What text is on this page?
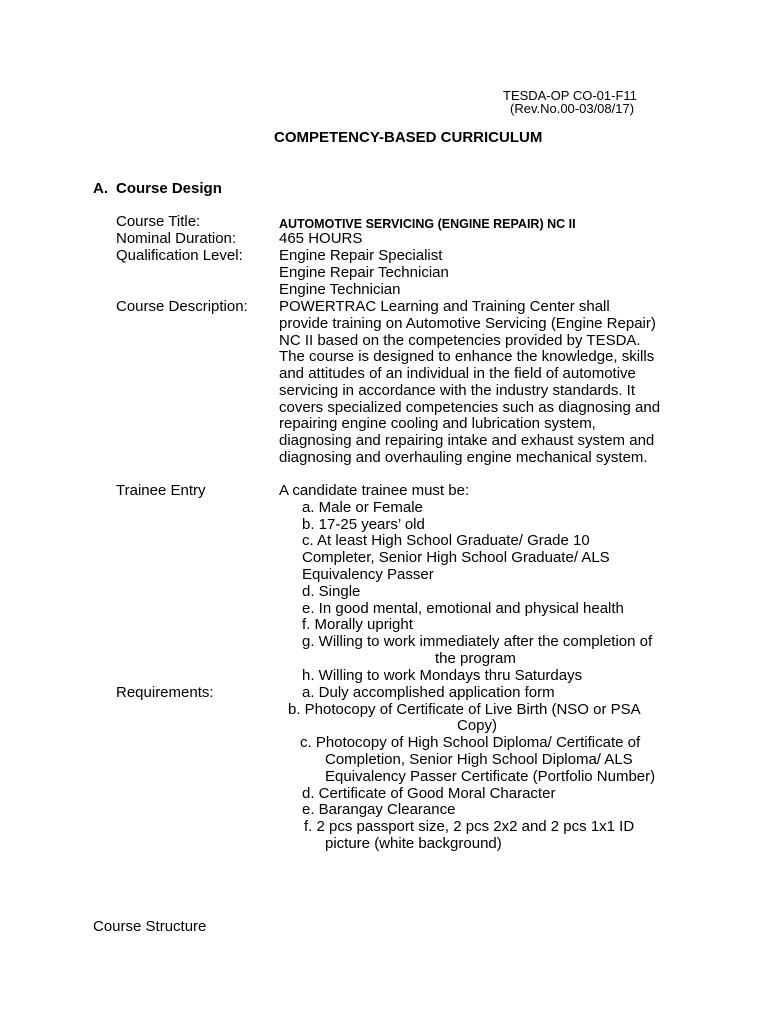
TESDA-OP CO-01-F11
(Rev.No.00-03/08/17)
COMPETENCY-BASED CURRICULUM
A. Course Design
Course Title:	AUTOMOTIVE SERVICING (ENGINE REPAIR) NC II
Nominal Duration:	465 HOURS
Qualification Level: Engine Repair Specialist
Engine Repair Technician
Engine Technician
Course Description: POWERTRAC Learning and Training Center shall
provide training on Automotive Servicing (Engine Repair)
NC II based on the competencies provided by TESDA.
The course is designed to enhance the knowledge, skills
and attitudes of an individual in the field of automotive
servicing in accordance with the industry standards. It
covers specialized competencies such as diagnosing and
repairing engine cooling and lubrication system,
diagnosing and repairing intake and exhaust system and
diagnosing and overhauling engine mechanical system.
Trainee Entry	A candidate trainee must be:
a. Male or Female
b. 17-25 years’ old
c. At least High School Graduate/ Grade 10
Completer, Senior High School Graduate/ ALS
Equivalency Passer
d. Single
e. In good mental, emotional and physical health
f. Morally upright
g. Willing to work immediately after the completion of
the program
h. Willing to work Mondays thru Saturdays
Requirements:	a. Duly accomplished application form
b. Photocopy of Certificate of Live Birth (NSO or PSA
Copy)
c. Photocopy of High School Diploma/ Certificate of
Completion, Senior High School Diploma/ ALS
Equivalency Passer Certificate (Portfolio Number)
d. Certificate of Good Moral Character
e. Barangay Clearance
f. 2 pcs passport size, 2 pcs 2x2 and 2 pcs 1x1 ID
picture (white background)
Course Structure
